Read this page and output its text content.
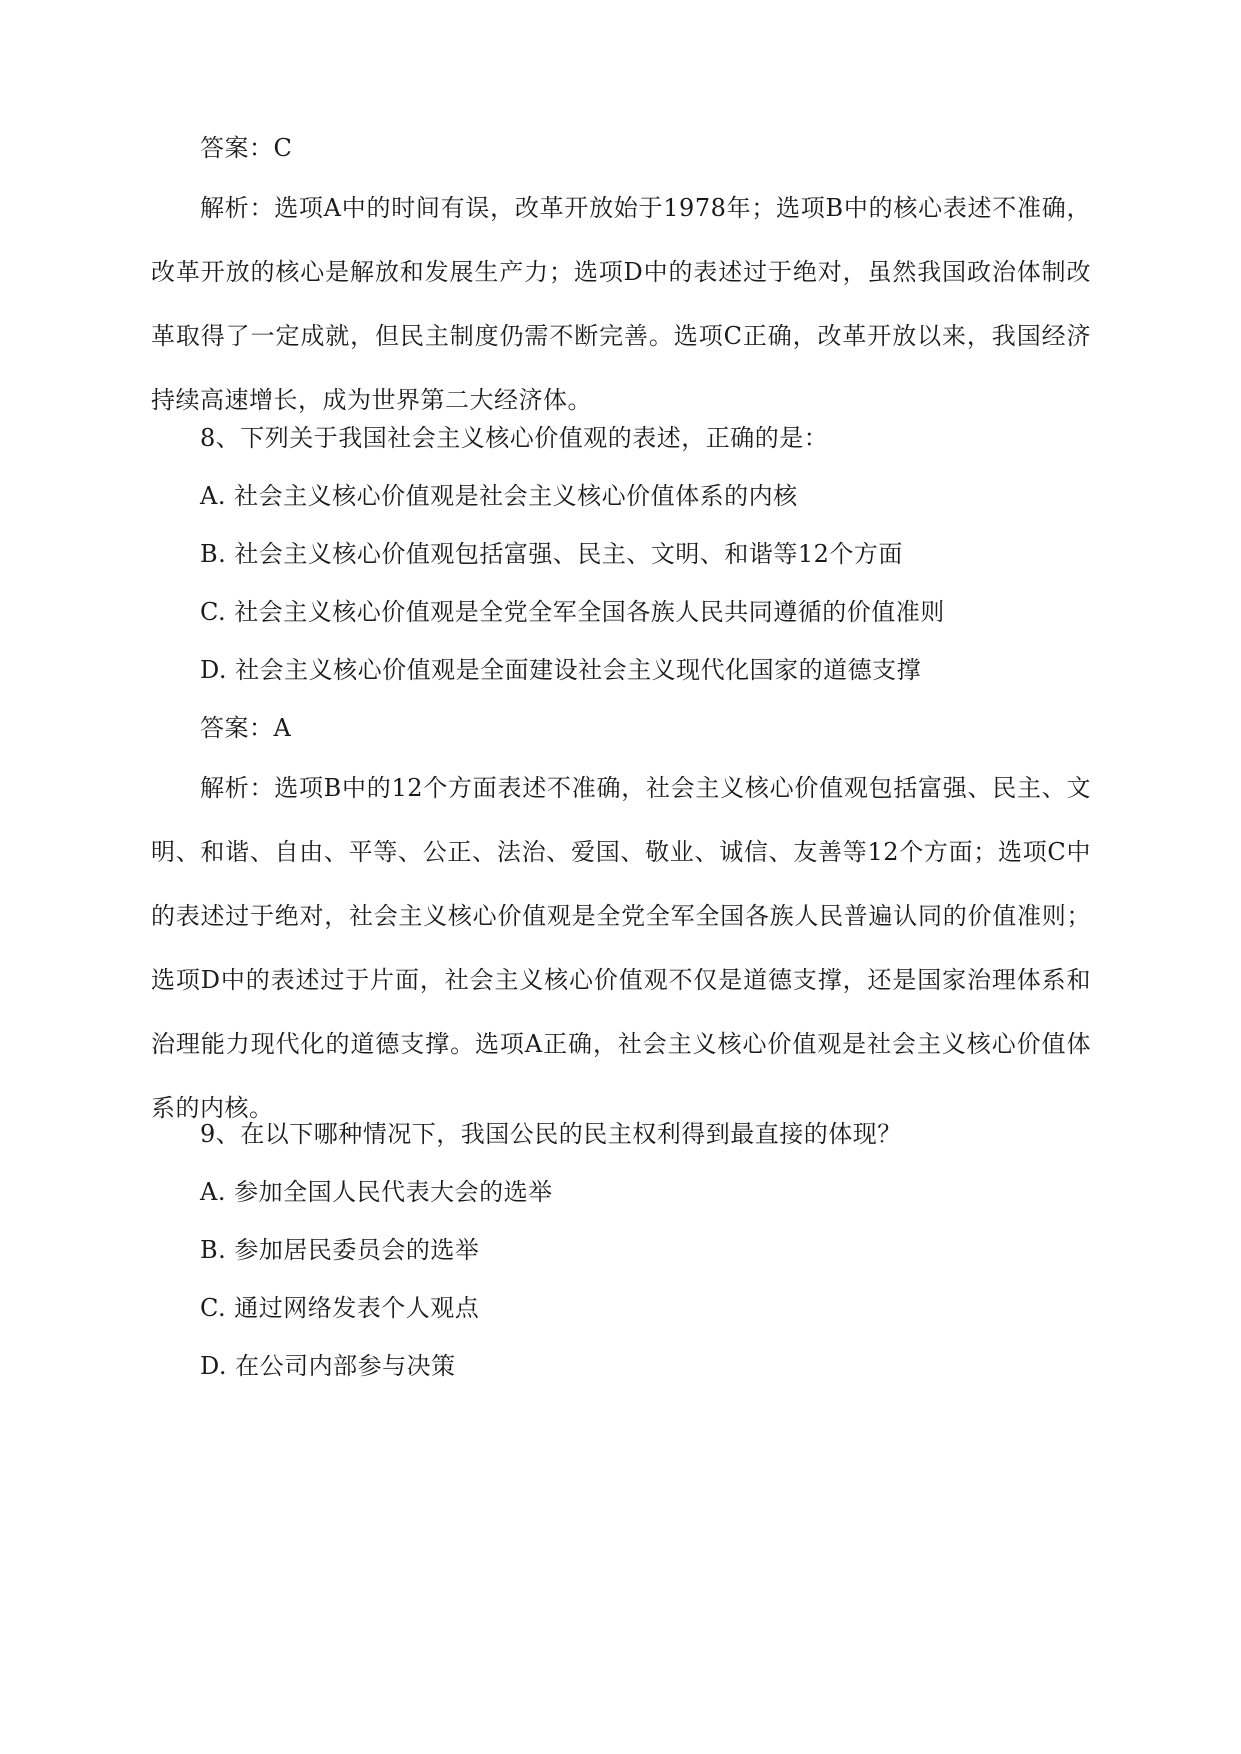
答案：C
解析：选项A中的时间有误，改革开放始于1978年；选项B中的核心表述不准确，改革开放的核心是解放和发展生产力；选项D中的表述过于绝对，虽然我国政治体制改革取得了一定成就，但民主制度仍需不断完善。选项C正确，改革开放以来，我国经济持续高速增长，成为世界第二大经济体。
8、下列关于我国社会主义核心价值观的表述，正确的是：
A. 社会主义核心价值观是社会主义核心价值体系的内核
B. 社会主义核心价值观包括富强、民主、文明、和谐等12个方面
C. 社会主义核心价值观是全党全军全国各族人民共同遵循的价值准则
D. 社会主义核心价值观是全面建设社会主义现代化国家的道德支撑
答案：A
解析：选项B中的12个方面表述不准确，社会主义核心价值观包括富强、民主、文明、和谐、自由、平等、公正、法治、爱国、敬业、诚信、友善等12个方面；选项C中的表述过于绝对，社会主义核心价值观是全党全军全国各族人民普遍认同的价值准则；选项D中的表述过于片面，社会主义核心价值观不仅是道德支撑，还是国家治理体系和治理能力现代化的道德支撑。选项A正确，社会主义核心价值观是社会主义核心价值体系的内核。
9、在以下哪种情况下，我国公民的民主权利得到最直接的体现？
A. 参加全国人民代表大会的选举
B. 参加居民委员会的选举
C. 通过网络发表个人观点
D. 在公司内部参与决策
